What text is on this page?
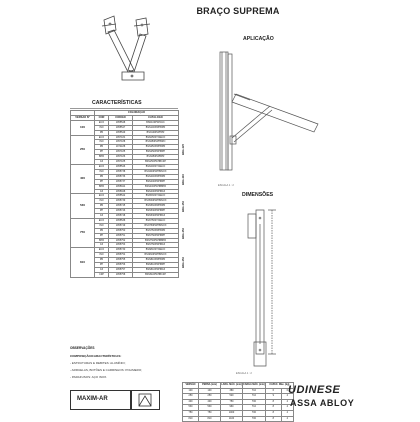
BRAÇO SUPREMA
APLICAÇÃO
ESCALA 1 : 2
CARACTERÍSTICAS
	COLORAÇÃO		
VERSÃO Nº	COR	CÓDIGO	CATÁLOGO
100	ECO	1955548	BSN100PWH/AC
	INO	1955547	BSN100PWHBPR
	PR	1955549	BSN100PWHPR
250	ECO	1957184	BSN250STN/ECO
	INO	1957188	BSN250PWHBRO
	PR	1974188	BSN250PWHBPR
	PP	1957185	BSN250PWHBPP
	BPR	1957186	BSN250PWBPR
	CZ	1957185	BSN250PWHBCZP
400	ECO	1955546	BSN400STN/ECO
	INO	1955738	BSN400PWHBINOX
	PR	1955736	BSN400PWHBPR
	PP	1955737	BSN400PWHBPP
	BPR	1955944	BSN400PWHBBPR
	CZ	1955948	BSN400PWHBCZ
530	ECO	1955542	BSN530STN/ECO
	INO	1955739	BSN530PWHBINOX
	PR	1955745	BSN530PWHBPR
	PP	1955746	BSN530PWHBPP
	CZ	1955748	BSN530PWHBCZ
750	ECO	1955538	BSN750STN/ECO
	INO	1955749	BSN750PWHBINOX
	PR	1955750	BSN750PWHBPR
	PP	1955751	BSN750PWHBPP
	BPR	1955752	BSN750PWHBBPR
	CZ	1955753	BSN750PWHBCZ
810	ECO	1955730	BSN810STN/ECO
	INO	1955754	BSN810PWHBINOX
	PR	1955755	BSN810PWHBPR
	PP	1955756	BSN810PWHBPP
	CZ	1955757	BSN810PWHBCZ
	CZP	1955758	BSN810PWHBCZP
BRA-125
BRA-194
BRA-152
BRA-152
BRA-152
OBSERVAÇÕES
COMPOSIÇÃO/CARACTERÍSTICAS:
- ESTRUTURAS E REBITES: ALUMÍNIO;
- ARRUELAS, BOTÕES E CARRINHOS: POLIMERO;
- PARAFUSOS: AÇO INOX.
DIMENSÕES
ESCALA 1 : 2
VERSÃO	PERNA (mm)	LARG. MÁX. (mm)	CARGA MÁX. (mm)	CAPAC. Máx. (kg)	
100	100	380	710	6	6
250	250	520	710	9	4
400	400	750	700	8	4
530	530	960	710	8	4
750	750	1000	700	8	4
810	810	1100	700	8	4
MAXIM-AR
UDINESE
ASSA ABLOY
